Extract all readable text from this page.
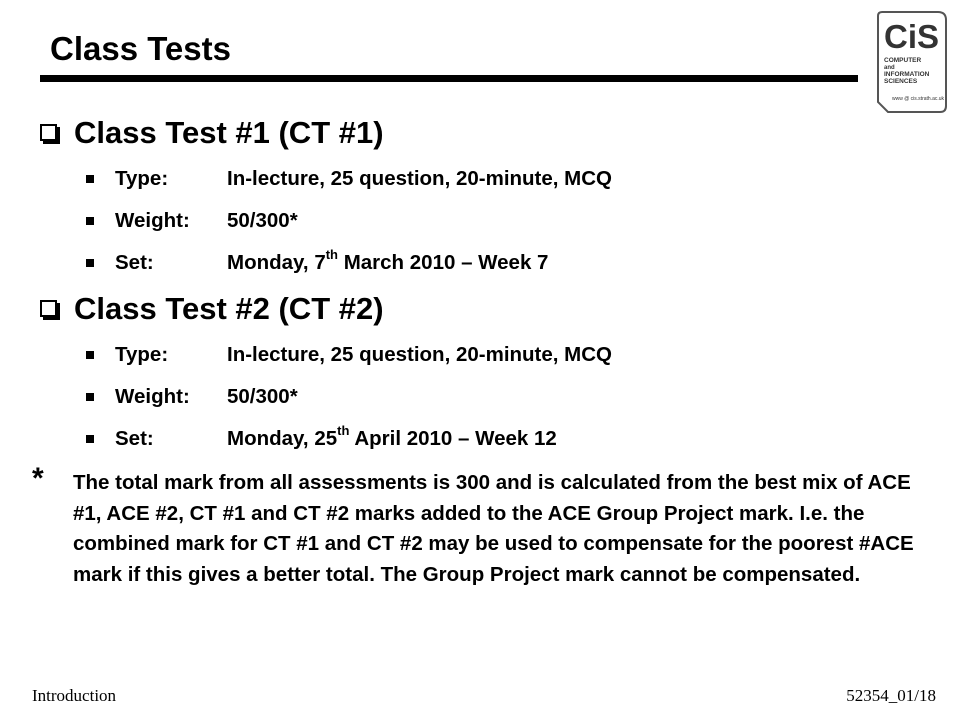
Class Tests	CiS
COMPUTER
and
INFORMATION
SCIENCES
www @ cis.strath.ac.uk
Class Test #1 (CT #1)
Type:	In-lecture, 25 question, 20-minute, MCQ
Weight: 50/300*
Set:	Monday, 7th March 2010 – Week 7
Class Test #2 (CT #2)
Type:	In-lecture, 25 question, 20-minute, MCQ
Weight: 50/300*
Set:	Monday, 25th April 2010 – Week 12
* The total mark from all assessments is 300 and is calculated from the best mix of ACE #1, ACE #2, CT #1 and CT #2 marks added to the ACE Group Project mark. I.e. the combined mark for CT #1 and CT #2 may be used to compensate for the poorest #ACE mark if this gives a better total. The Group Project mark cannot be compensated.

Introduction	52354_01/18
